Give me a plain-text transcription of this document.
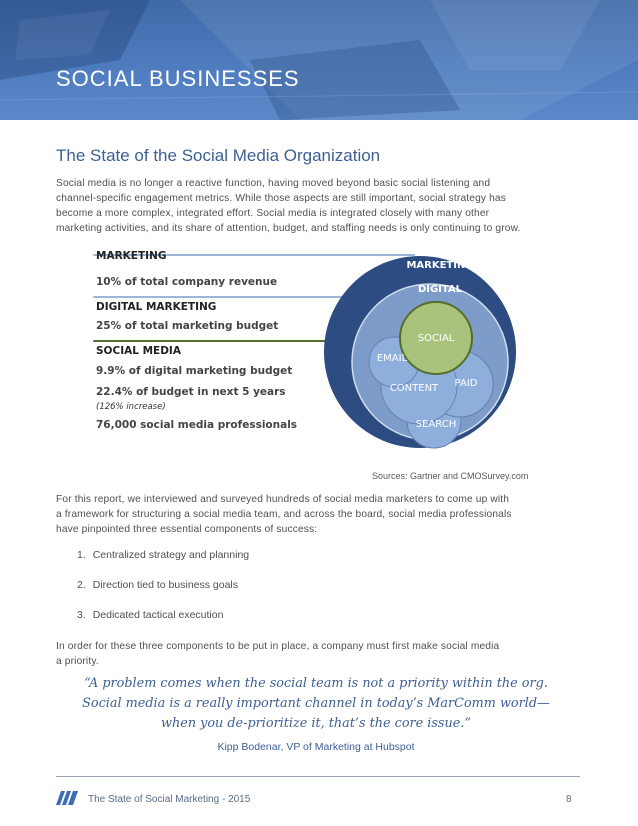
SOCIAL BUSINESSES
The State of the Social Media Organization

Social media is no longer a reactive function, having moved beyond basic social listening and
channel-specific engagement metrics. While those aspects are still important, social strategy has
become a more complex, integrated effort. Social media is integrated closely with many other
marketing activities, and its share of attention, budget, and staffing needs is only continuing to grow.

MARKETING
DIGITAL
SOCIAL
EMAIL
CONTENT PAID
SEARCH

MARKETING

10% of total company revenue

DIGITAL MARKETING

25% of total marketing budget

SOCIAL MEDIA

9.9% of digital marketing budget

22.4% of budget in next 5 years

(126% increase)

76,000 social media professionals

Sources: Gartner and CMOSurvey.com

For this report, we interviewed and surveyed hundreds of social media marketers to come up with
a framework for structuring a social media team, and across the board, social media professionals
have pinpointed three essential components of success:

1. Centralized strategy and planning

2. Direction tied to business goals

3. Dedicated tactical execution

In order for these three components to be put in place, a company must first make social media
a priority.

“A problem comes when the social team is not a priority within the org.
Social media is a really important channel in today’s MarComm world—
when you de-prioritize it, that’s the core issue.”

Kipp Bodenar, VP of Marketing at Hubspot

The State of Social Marketing - 2015	8
